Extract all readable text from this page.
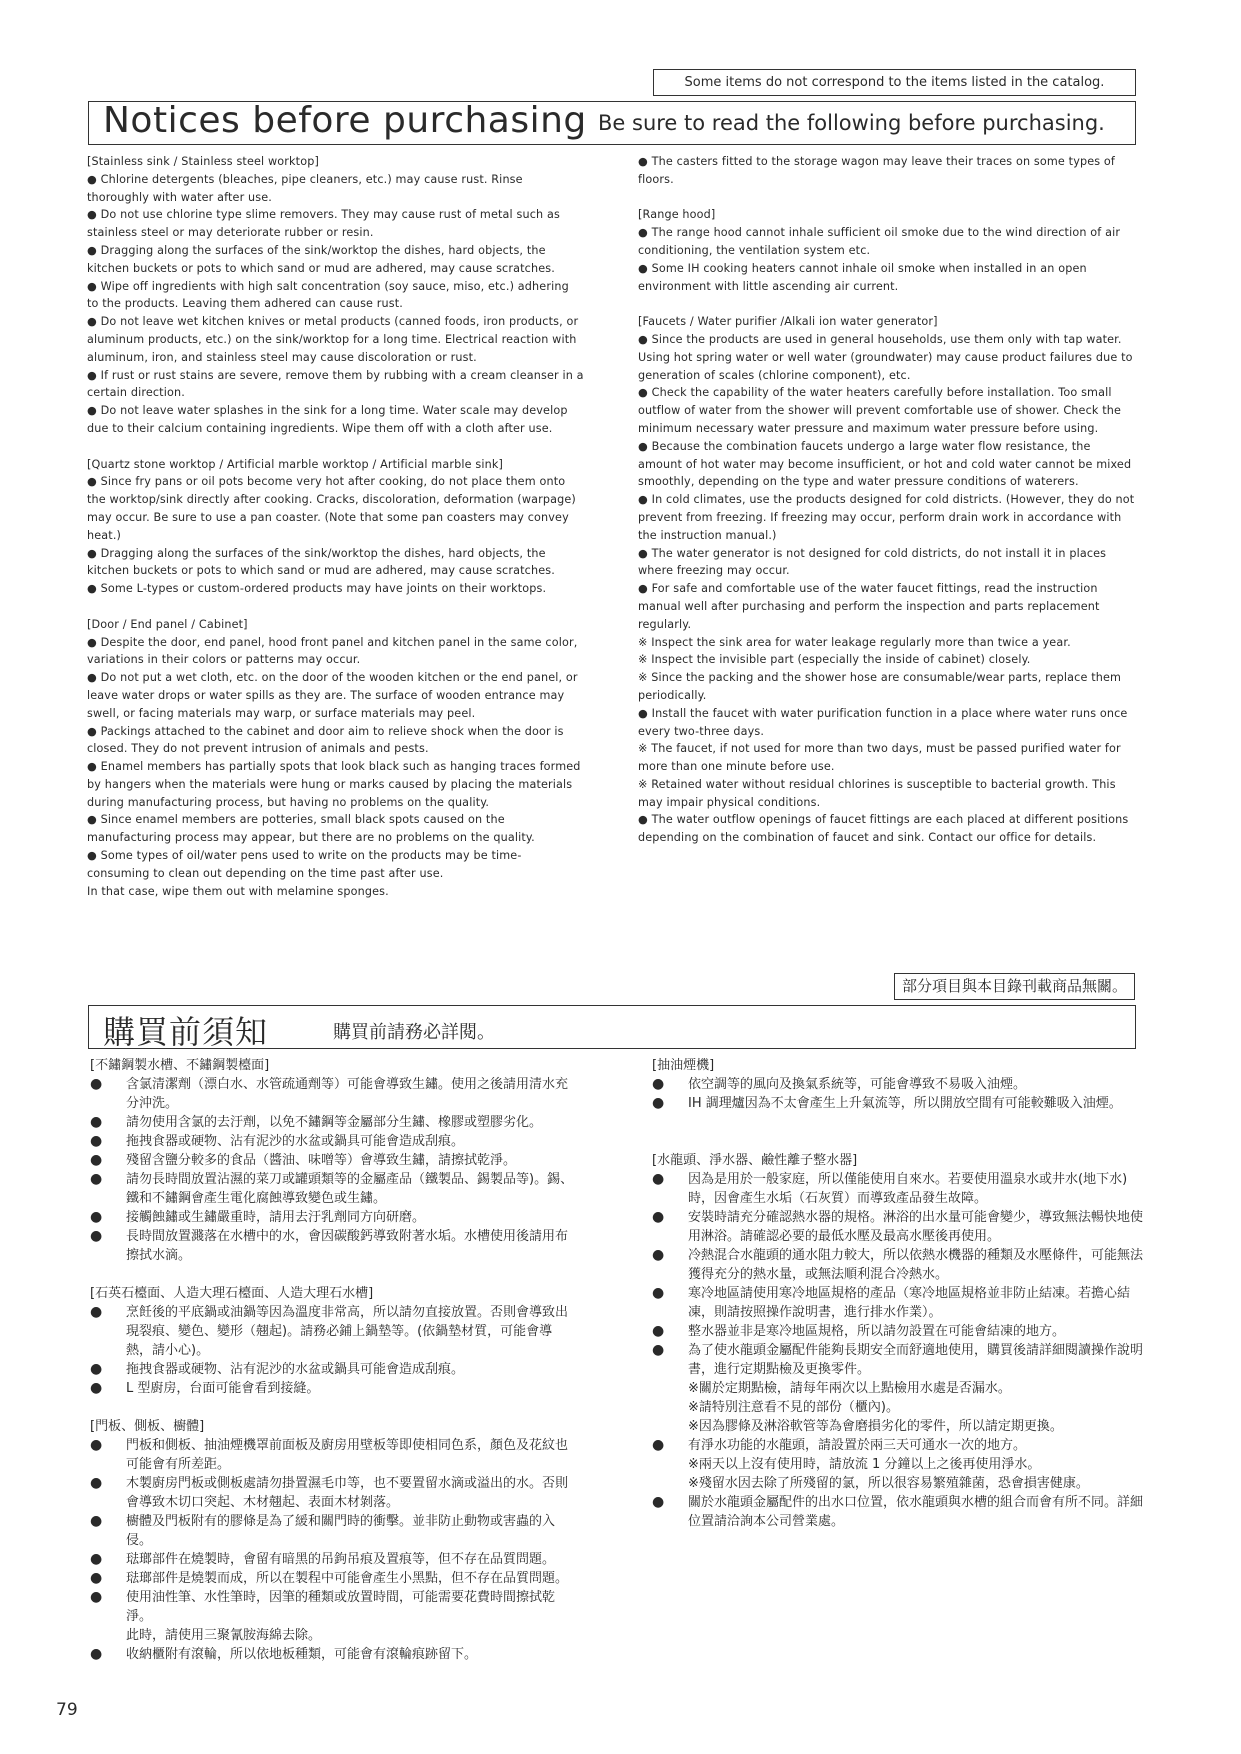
Some items do not correspond to the items listed in the catalog.
Notices before purchasing Be sure to read the following before purchasing.

[Stainless sink / Stainless steel worktop]

● Chlorine detergents (bleaches, pipe cleaners, etc.) may cause rust. Rinse thoroughly with water after use.

● Do not use chlorine type slime removers. They may cause rust of metal such as stainless steel or may deteriorate rubber or resin.

● Dragging along the surfaces of the sink/worktop the dishes, hard objects, the kitchen buckets or pots to which sand or mud are adhered, may cause scratches.

● Wipe off ingredients with high salt concentration (soy sauce, miso, etc.) adhering to the products. Leaving them adhered can cause rust.

● Do not leave wet kitchen knives or metal products (canned foods, iron products, or aluminum products, etc.) on the sink/worktop for a long time. Electrical reaction with aluminum, iron, and stainless steel may cause discoloration or rust.

● If rust or rust stains are severe, remove them by rubbing with a cream cleanser in a certain direction.

● Do not leave water splashes in the sink for a long time. Water scale may develop due to their calcium containing ingredients. Wipe them off with a cloth after use.

[Quartz stone worktop / Artificial marble worktop / Artificial marble sink]

● Since fry pans or oil pots become very hot after cooking, do not place them onto the worktop/sink directly after cooking. Cracks, discoloration, deformation (warpage) may occur. Be sure to use a pan coaster. (Note that some pan coasters may convey heat.)

● Dragging along the surfaces of the sink/worktop the dishes, hard objects, the kitchen buckets or pots to which sand or mud are adhered, may cause scratches.

● Some L-types or custom-ordered products may have joints on their worktops.

[Door / End panel / Cabinet]

● Despite the door, end panel, hood front panel and kitchen panel in the same color, variations in their colors or patterns may occur.

● Do not put a wet cloth, etc. on the door of the wooden kitchen or the end panel, or leave water drops or water spills as they are. The surface of wooden entrance may swell, or facing materials may warp, or surface materials may peel.

● Packings attached to the cabinet and door aim to relieve shock when the door is closed. They do not prevent intrusion of animals and pests.

● Enamel members has partially spots that look black such as hanging traces formed by hangers when the materials were hung or marks caused by placing the materials during manufacturing process, but having no problems on the quality.

● Since enamel members are potteries, small black spots caused on the manufacturing process may appear, but there are no problems on the quality.

● Some types of oil/water pens used to write on the products may be time-consuming to clean out depending on the time past after use.

In that case, wipe them out with melamine sponges.

● The casters fitted to the storage wagon may leave their traces on some types of floors.

[Range hood]

● The range hood cannot inhale sufficient oil smoke due to the wind direction of air conditioning, the ventilation system etc.

● Some IH cooking heaters cannot inhale oil smoke when installed in an open environment with little ascending air current.

[Faucets / Water purifier /Alkali ion water generator]

● Since the products are used in general households, use them only with tap water. Using hot spring water or well water (groundwater) may cause product failures due to generation of scales (chlorine component), etc.

● Check the capability of the water heaters carefully before installation. Too small outflow of water from the shower will prevent comfortable use of shower. Check the minimum necessary water pressure and maximum water pressure before using.

● Because the combination faucets undergo a large water flow resistance, the amount of hot water may become insufficient, or hot and cold water cannot be mixed smoothly, depending on the type and water pressure conditions of waterers.

● In cold climates, use the products designed for cold districts. (However, they do not prevent from freezing. If freezing may occur, perform drain work in accordance with the instruction manual.)

● The water generator is not designed for cold districts, do not install it in places where freezing may occur.

● For safe and comfortable use of the water faucet fittings, read the instruction manual well after purchasing and perform the inspection and parts replacement regularly.

※ Inspect the sink area for water leakage regularly more than twice a year.

※ Inspect the invisible part (especially the inside of cabinet) closely.

※ Since the packing and the shower hose are consumable/wear parts, replace them periodically.

● Install the faucet with water purification function in a place where water runs once every two-three days.

※ The faucet, if not used for more than two days, must be passed purified water for more than one minute before use.

※ Retained water without residual chlorines is susceptible to bacterial growth. This may impair physical conditions.

● The water outflow openings of faucet fittings are each placed at different positions depending on the combination of faucet and sink. Contact our office for details.

部分項目與本目錄刊載商品無關。
購買前須知	購買前請務必詳閱。

[不鏽鋼製水槽、不鏽鋼製檯面]

●	含氯清潔劑（漂白水、水管疏通劑等）可能會導致生鏽。使用之後請用清水充分沖洗。
●	請勿使用含氯的去汙劑，以免不鏽鋼等金屬部分生鏽、橡膠或塑膠劣化。
●	拖拽食器或硬物、沾有泥沙的水盆或鍋具可能會造成刮痕。
●	殘留含鹽分較多的食品（醬油、味噌等）會導致生鏽，請擦拭乾淨。
●	請勿長時間放置沾濕的菜刀或罐頭類等的金屬產品（鐵製品、錫製品等)。錫、鐵和不鏽鋼會產生電化腐蝕導致變色或生鏽。
●	接觸蝕鏽或生鏽嚴重時，請用去汙乳劑同方向研磨。
●	長時間放置濺落在水槽中的水，會因碳酸鈣導致附著水垢。水槽使用後請用布擦拭水滴。

[石英石檯面、人造大理石檯面、人造大理石水槽]

●	烹飪後的平底鍋或油鍋等因為溫度非常高，所以請勿直接放置。否則會導致出現裂痕、變色、變形（翹起)。請務必鋪上鍋墊等。(依鍋墊材質，可能會導熱，請小心)。
●	拖拽食器或硬物、沾有泥沙的水盆或鍋具可能會造成刮痕。
●	L 型廚房，台面可能會看到接縫。

[門板、側板、櫥體]

●	門板和側板、抽油煙機罩前面板及廚房用壁板等即使相同色系，顏色及花紋也可能會有所差距。
●	木製廚房門板或側板處請勿掛置濕毛巾等，也不要置留水滴或溢出的水。否則會導致木切口突起、木材翹起、表面木材剝落。
●	櫥體及門板附有的膠條是為了緩和關門時的衝擊。並非防止動物或害蟲的入侵。
●	琺瑯部件在燒製時，會留有暗黑的吊鉤吊痕及置痕等，但不存在品質問題。
●	琺瑯部件是燒製而成，所以在製程中可能會產生小黑點，但不存在品質問題。
●	使用油性筆、水性筆時，因筆的種類或放置時間，可能需要花費時間擦拭乾淨。
此時，請使用三聚氰胺海綿去除。
●	收納櫃附有滾輪，所以依地板種類，可能會有滾輪痕跡留下。

[抽油煙機]

●	依空調等的風向及換氣系統等，可能會導致不易吸入油煙。
●	IH 調理爐因為不太會產生上升氣流等，所以開放空間有可能較難吸入油煙。

[水龍頭、淨水器、鹼性離子整水器]

●	因為是用於一般家庭，所以僅能使用自來水。若要使用溫泉水或井水(地下水)時，因會產生水垢（石灰質）而導致產品發生故障。
●	安裝時請充分確認熱水器的規格。淋浴的出水量可能會變少，導致無法暢快地使用淋浴。請確認必要的最低水壓及最高水壓後再使用。
●	冷熱混合水龍頭的通水阻力較大，所以依熱水機器的種類及水壓條件，可能無法獲得充分的熱水量，或無法順利混合冷熱水。
●	寒冷地區請使用寒冷地區規格的產品（寒冷地區規格並非防止結凍。若擔心結凍，則請按照操作說明書，進行排水作業）。
●	整水器並非是寒冷地區規格，所以請勿設置在可能會結凍的地方。
●	為了使水龍頭金屬配件能夠長期安全而舒適地使用，購買後請詳細閱讀操作說明書，進行定期點檢及更換零件。
※關於定期點檢，請每年兩次以上點檢用水處是否漏水。
※請特別注意看不見的部份（櫃內)。
※因為膠條及淋浴軟管等為會磨損劣化的零件，所以請定期更換。
●	有淨水功能的水龍頭，請設置於兩三天可通水一次的地方。
※兩天以上沒有使用時，請放流 1 分鐘以上之後再使用淨水。
※殘留水因去除了所殘留的氯，所以很容易繁殖雜菌，恐會損害健康。
●	關於水龍頭金屬配件的出水口位置，依水龍頭與水槽的組合而會有所不同。詳細位置請洽詢本公司營業處。
79
